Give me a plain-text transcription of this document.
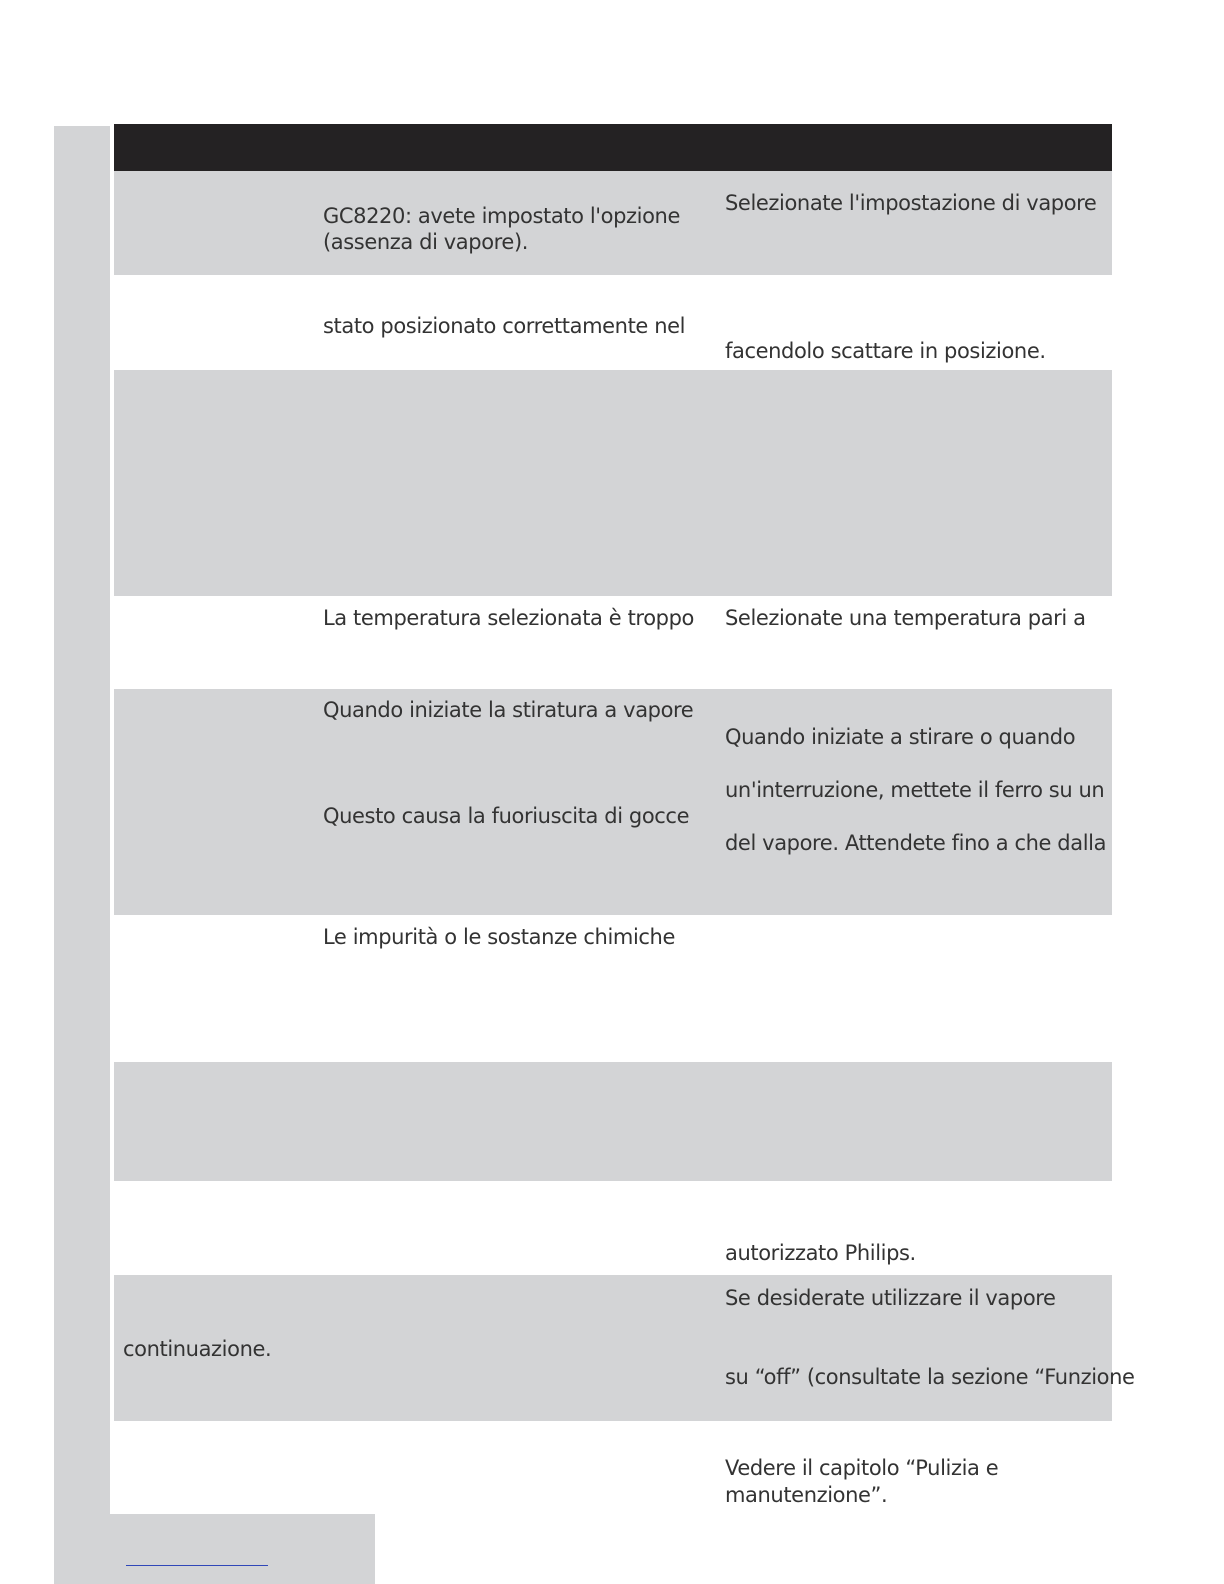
GC8220: avete impostato l'opzione
(assenza di vapore).
Selezionate l'impostazione di vapore
stato posizionato correttamente nel
facendolo scattare in posizione.
La temperatura selezionata è troppo Selezionate una temperatura pari a
Quando iniziate la stiratura a vapore
Questo causa la fuoriuscita di gocce
Quando iniziate a stirare o quando
un'interruzione, mettete il ferro su un
del vapore. Attendete fino a che dalla
Le impurità o le sostanze chimiche
autorizzato Philips.
continuazione.
Se desiderate utilizzare il vapore
su “off” (consultate la sezione “Funzione
Vedere il capitolo “Pulizia e
manutenzione”.
